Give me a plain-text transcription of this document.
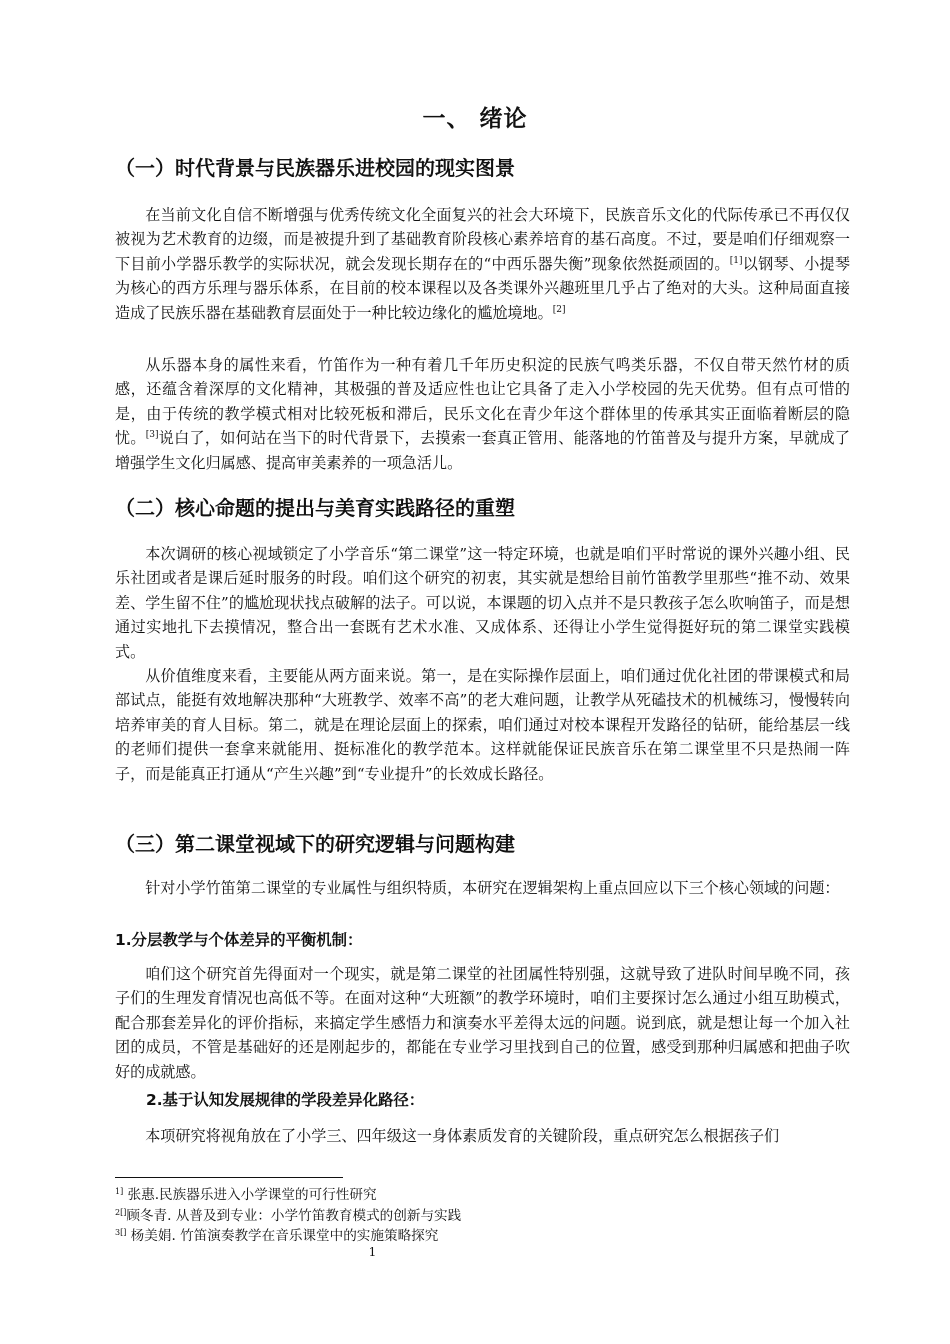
一、 绪论
（一）时代背景与民族器乐进校园的现实图景

在当前文化自信不断增强与优秀传统文化全面复兴的社会大环境下，民族音乐文化的代际传承已不再仅仅被视为艺术教育的边缀，而是被提升到了基础教育阶段核心素养培育的基石高度。不过，要是咱们仔细观察一下目前小学器乐教学的实际状况，就会发现长期存在的“中西乐器失衡”现象依然挺顽固的。[1]以钢琴、小提琴为核心的西方乐理与器乐体系，在目前的校本课程以及各类课外兴趣班里几乎占了绝对的大头。这种局面直接造成了民族乐器在基础教育层面处于一种比较边缘化的尴尬境地。[2]

从乐器本身的属性来看，竹笛作为一种有着几千年历史积淀的民族气鸣类乐器，不仅自带天然竹材的质感，还蕴含着深厚的文化精神，其极强的普及适应性也让它具备了走入小学校园的先天优势。但有点可惜的是，由于传统的教学模式相对比较死板和滞后，民乐文化在青少年这个群体里的传承其实正面临着断层的隐忧。[3]说白了，如何站在当下的时代背景下，去摸索一套真正管用、能落地的竹笛普及与提升方案，早就成了增强学生文化归属感、提高审美素养的一项急活儿。

（二）核心命题的提出与美育实践路径的重塑

本次调研的核心视域锁定了小学音乐“第二课堂”这一特定环境，也就是咱们平时常说的课外兴趣小组、民乐社团或者是课后延时服务的时段。咱们这个研究的初衷，其实就是想给目前竹笛教学里那些“推不动、效果差、学生留不住”的尴尬现状找点破解的法子。可以说，本课题的切入点并不是只教孩子怎么吹响笛子，而是想通过实地扎下去摸情况，整合出一套既有艺术水准、又成体系、还得让小学生觉得挺好玩的第二课堂实践模式。

从价值维度来看，主要能从两方面来说。第一，是在实际操作层面上，咱们通过优化社团的带课模式和局部试点，能挺有效地解决那种“大班教学、效率不高”的老大难问题，让教学从死磕技术的机械练习，慢慢转向培养审美的育人目标。第二，就是在理论层面上的探索，咱们通过对校本课程开发路径的钻研，能给基层一线的老师们提供一套拿来就能用、挺标准化的教学范本。这样就能保证民族音乐在第二课堂里不只是热闹一阵子，而是能真正打通从“产生兴趣”到“专业提升”的长效成长路径。

（三）第二课堂视域下的研究逻辑与问题构建

针对小学竹笛第二课堂的专业属性与组织特质，本研究在逻辑架构上重点回应以下三个核心领域的问题：

1.分层教学与个体差异的平衡机制：

咱们这个研究首先得面对一个现实，就是第二课堂的社团属性特别强，这就导致了进队时间早晚不同，孩子们的生理发育情况也高低不等。在面对这种“大班额”的教学环境时，咱们主要探讨怎么通过小组互助模式，配合那套差异化的评价指标，来搞定学生感悟力和演奏水平差得太远的问题。说到底，就是想让每一个加入社团的成员，不管是基础好的还是刚起步的，都能在专业学习里找到自己的位置，感受到那种归属感和把曲子吹好的成就感。

2.基于认知发展规律的学段差异化路径：

本项研究将视角放在了小学三、四年级这一身体素质发育的关键阶段，重点研究怎么根据孩子们

$^{1]}$ 张惠.民族器乐进入小学课堂的可行性研究
$^{2[]}$顾冬青. 从普及到专业：小学竹笛教育模式的创新与实践
$^{3[]}$ 杨美娟. 竹笛演奏教学在音乐课堂中的实施策略探究
1
